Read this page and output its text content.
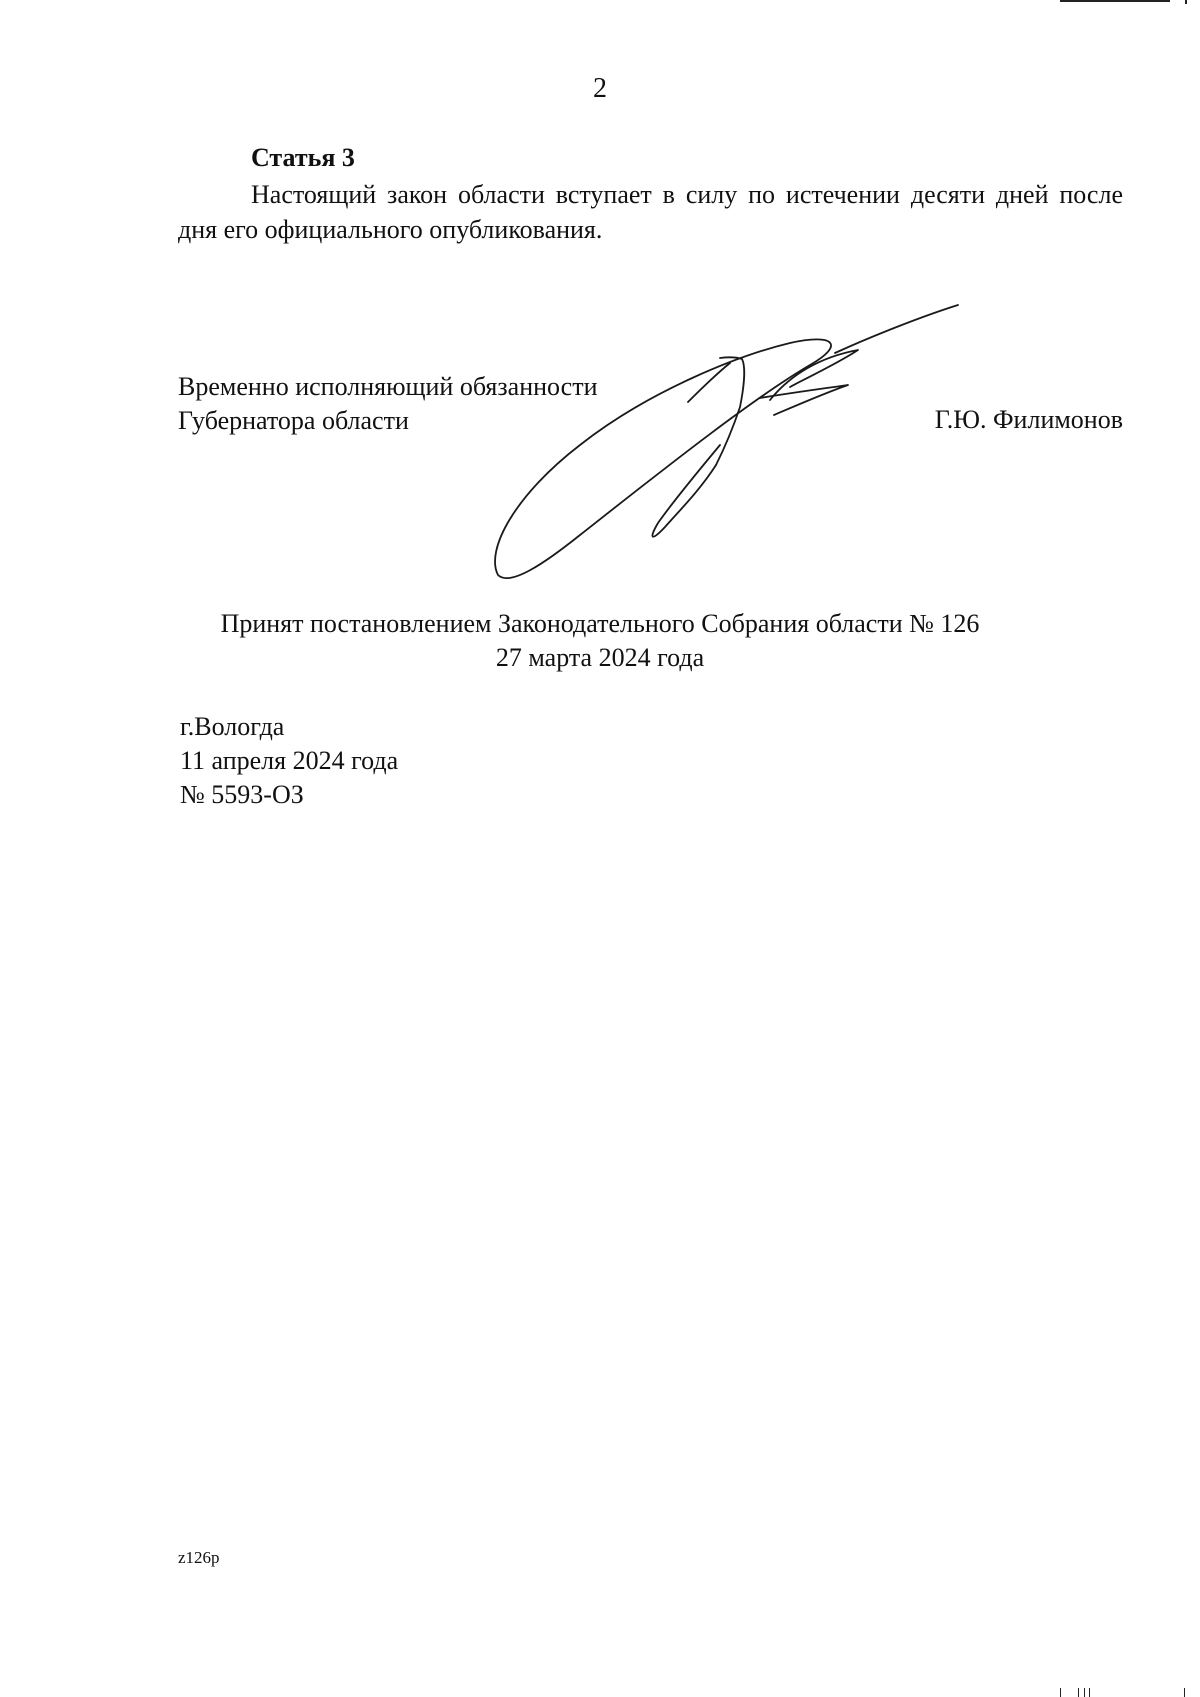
2
Статья 3
Настоящий закон области вступает в силу по истечении десяти дней после дня его официального опубликования.
Временно исполняющий обязанности
Губернатора области	Г.Ю. Филимонов
Принят постановлением Законодательного Собрания области № 126
27 марта 2024 года
г.Вологда
11 апреля 2024 года
№ 5593-ОЗ
z126p
